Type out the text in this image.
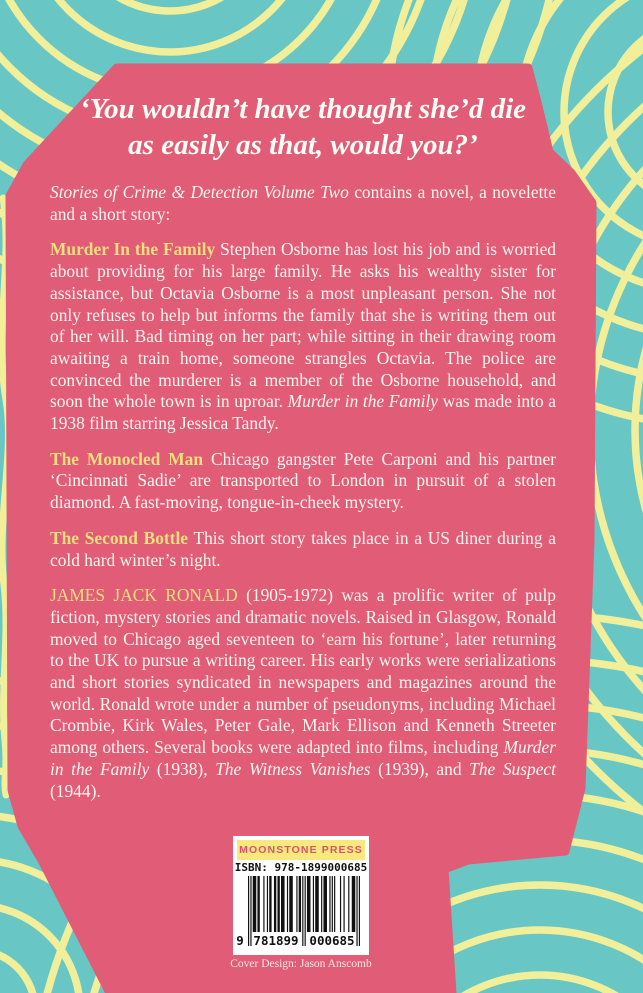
‘You wouldn’t have thought she’d die
as easily as that, would you?’

Stories of Crime & Detection Volume Two contains a novel, a novelette and a short story:

Murder In the Family Stephen Osborne has lost his job and is worried about providing for his large family. He asks his wealthy sister for assistance, but Octavia Osborne is a most unpleasant person. She not only refuses to help but informs the family that she is writing them out of her will. Bad timing on her part; while sitting in their drawing room awaiting a train home, someone strangles Octavia. The police are convinced the murderer is a member of the Osborne household, and soon the whole town is in uproar. Murder in the Family was made into a 1938 film starring Jessica Tandy.

The Monocled Man Chicago gangster Pete Carponi and his partner ‘Cincinnati Sadie’ are transported to London in pursuit of a stolen diamond. A fast-moving, tongue-in-cheek mystery.

The Second Bottle This short story takes place in a US diner during a cold hard winter’s night.

JAMES JACK RONALD (1905-1972) was a prolific writer of pulp fiction, mystery stories and dramatic novels. Raised in Glasgow, Ronald moved to Chicago aged seventeen to ‘earn his fortune’, later returning to the UK to pursue a writing career. His early works were serializations and short stories syndicated in newspapers and magazines around the world. Ronald wrote under a number of pseudonyms, including Michael Crombie, Kirk Wales, Peter Gale, Mark Ellison and Kenneth Streeter among others. Several books were adapted into films, including Murder in the Family (1938), The Witness Vanishes (1939), and The Suspect (1944).

MOONSTONE PRESS
ISBN: 978-1899000685
9 781899 000685
Cover Design: Jason Anscomb
